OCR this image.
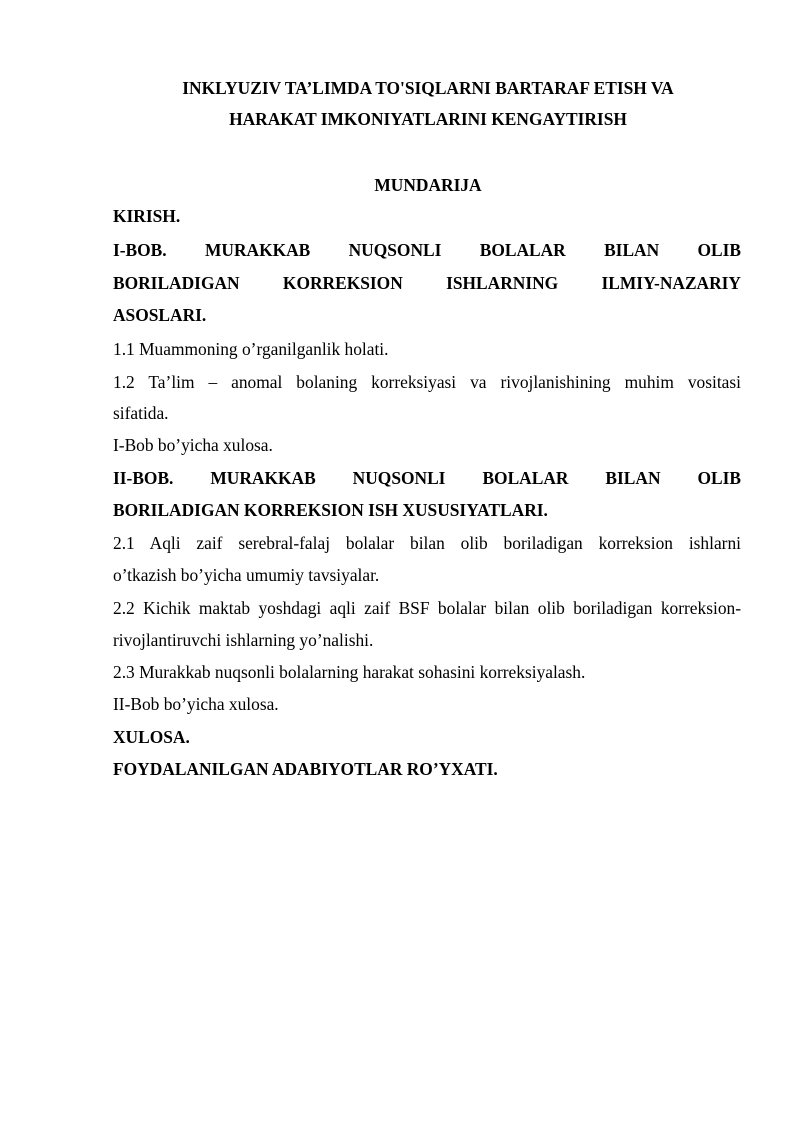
INKLYUZIV TA’LIMDA TO'SIQLARNI BARTARAF ETISH VA
HARAKAT IMKONIYATLARINI KENGAYTIRISH
MUNDARIJA
KIRISH.
I-BOB. MURAKKAB NUQSONLI BOLALAR BILAN OLIB
BORILADIGAN KORREKSION ISHLARNING ILMIY-NAZARIY
ASOSLARI.
1.1 Muammoning o’rganilganlik holati.
1.2 Ta’lim – anomal bolaning korreksiyasi va rivojlanishining muhim vositasi
sifatida.
I-Bob bo’yicha xulosa.
II-BOB. MURAKKAB NUQSONLI BOLALAR BILAN OLIB
BORILADIGAN KORREKSION ISH XUSUSIYATLARI.
2.1 Aqli zaif serebral-falaj bolalar bilan olib boriladigan korreksion ishlarni
o’tkazish bo’yicha umumiy tavsiyalar.
2.2 Kichik maktab yoshdagi aqli zaif BSF bolalar bilan olib boriladigan korreksion-
rivojlantiruvchi ishlarning yo’nalishi.
2.3 Murakkab nuqsonli bolalarning harakat sohasini korreksiyalash.
II-Bob bo’yicha xulosa.
XULOSA.
FOYDALANILGAN ADABIYOTLAR RO’YXATI.
